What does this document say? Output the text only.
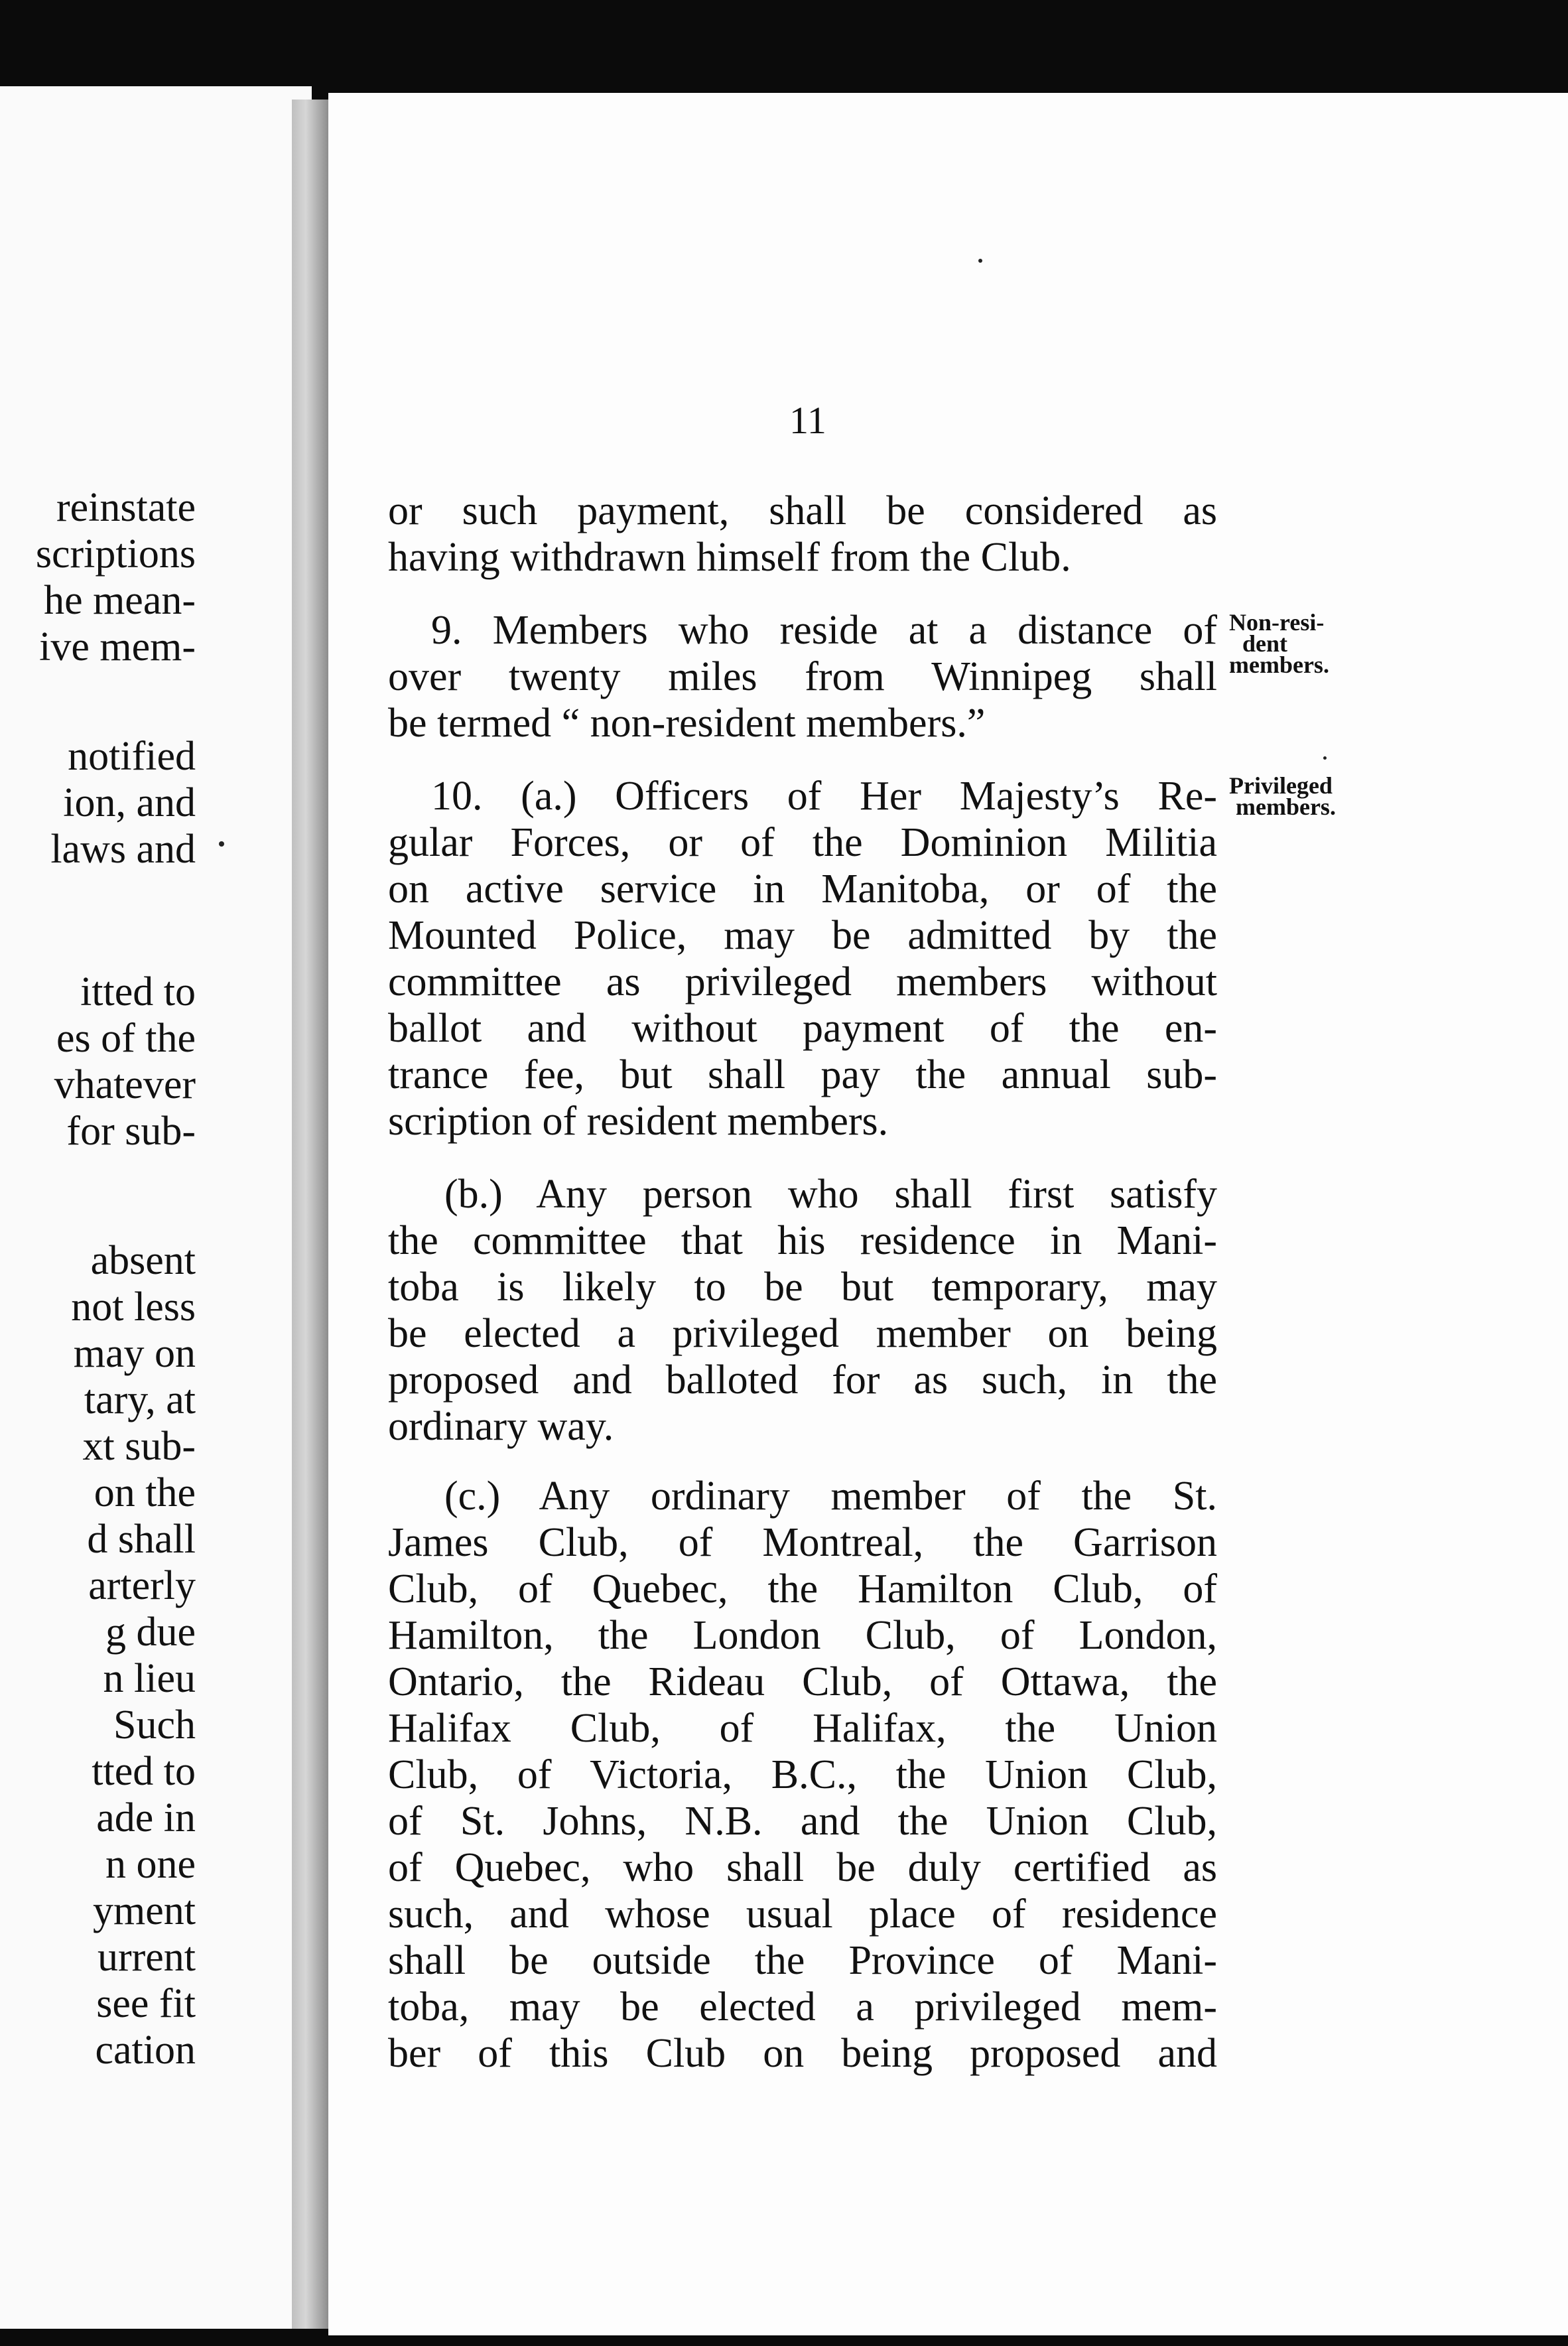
reinstate
scriptions
he mean-
ive mem-
notified
ion, and
laws and
itted to
es of the
vhatever
for sub-
absent
not less
may on
tary, at
xt sub-
on the
d shall
arterly
g due
n lieu
Such
tted to
ade in
n one
yment
urrent
see fit
cation
11
or such payment, shall be considered as
having withdrawn himself from the Club.
9. Members who reside at a distance of
over twenty miles from Winnipeg shall
be termed “ non-resident members.”
10. (a.) Officers of Her Majesty’s Re-
gular Forces, or of the Dominion Militia
on active service in Manitoba, or of the
Mounted Police, may be admitted by the
committee as privileged members without
ballot and without payment of the en-
trance fee, but shall pay the annual sub-
scription of resident members.
(b.) Any person who shall first satisfy
the committee that his residence in Mani-
toba is likely to be but temporary, may
be elected a privileged member on being
proposed and balloted for as such, in the
ordinary way.
(c.) Any ordinary member of the St.
James Club, of Montreal, the Garrison
Club, of Quebec, the Hamilton Club, of
Hamilton, the London Club, of London,
Ontario, the Rideau Club, of Ottawa, the
Halifax Club, of Halifax, the Union
Club, of Victoria, B.C., the Union Club,
of St. Johns, N.B. and the Union Club,
of Quebec, who shall be duly certified as
such, and whose usual place of residence
shall be outside the Province of Mani-
toba, may be elected a privileged mem-
ber of this Club on being proposed and
Non-resi-
dent
members.
Privileged
members.
